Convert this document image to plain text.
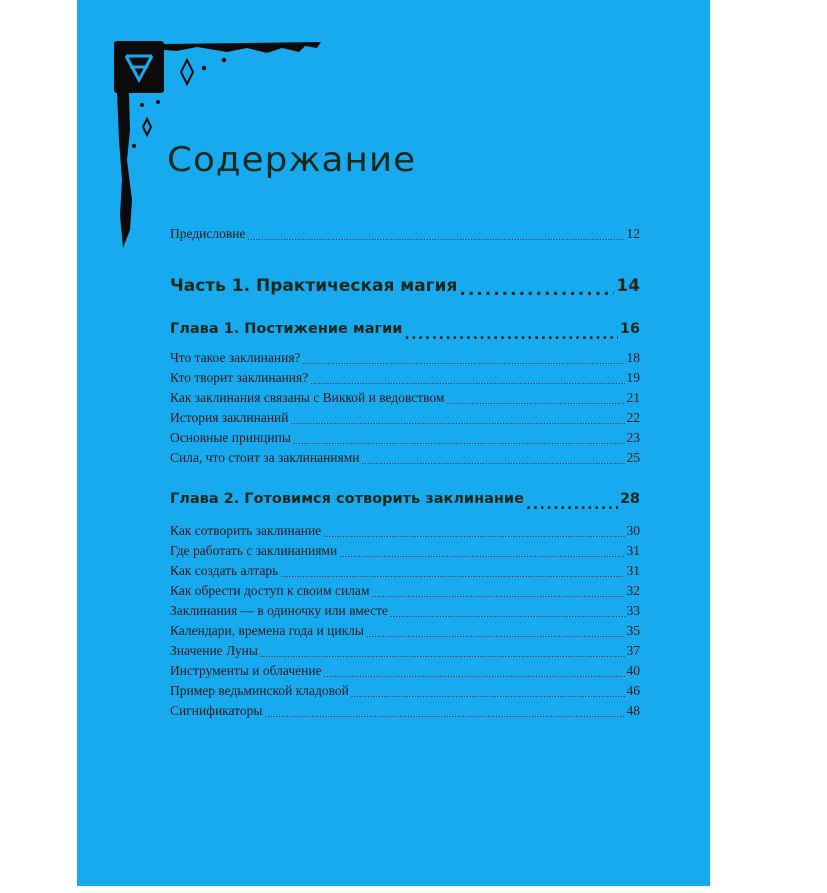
Содержание
Предисловие .....	12
Часть 1. Практическая магия .....	14
Глава 1. Постижение магии .....	16
Что такое заклинания? .....	18
Кто творит заклинания? .....	19
Как заклинания связаны с Виккой и ведовством .....	21
История заклинаний .....	22
Основные принципы .....	23
Сила, что стоит за заклинаниями .....	25
Глава 2. Готовимся сотворить заклинание .....	28
Как сотворить заклинание .....	30
Где работать с заклинаниями .....	31
Как создать алтарь .....	31
Как обрести доступ к своим силам .....	32
Заклинания — в одиночку или вместе .....	33
Календари, времена года и циклы .....	35
Значение Луны .....	37
Инструменты и облачение .....	40
Пример ведьминской кладовой .....	46
Сигнификаторы .....	48
